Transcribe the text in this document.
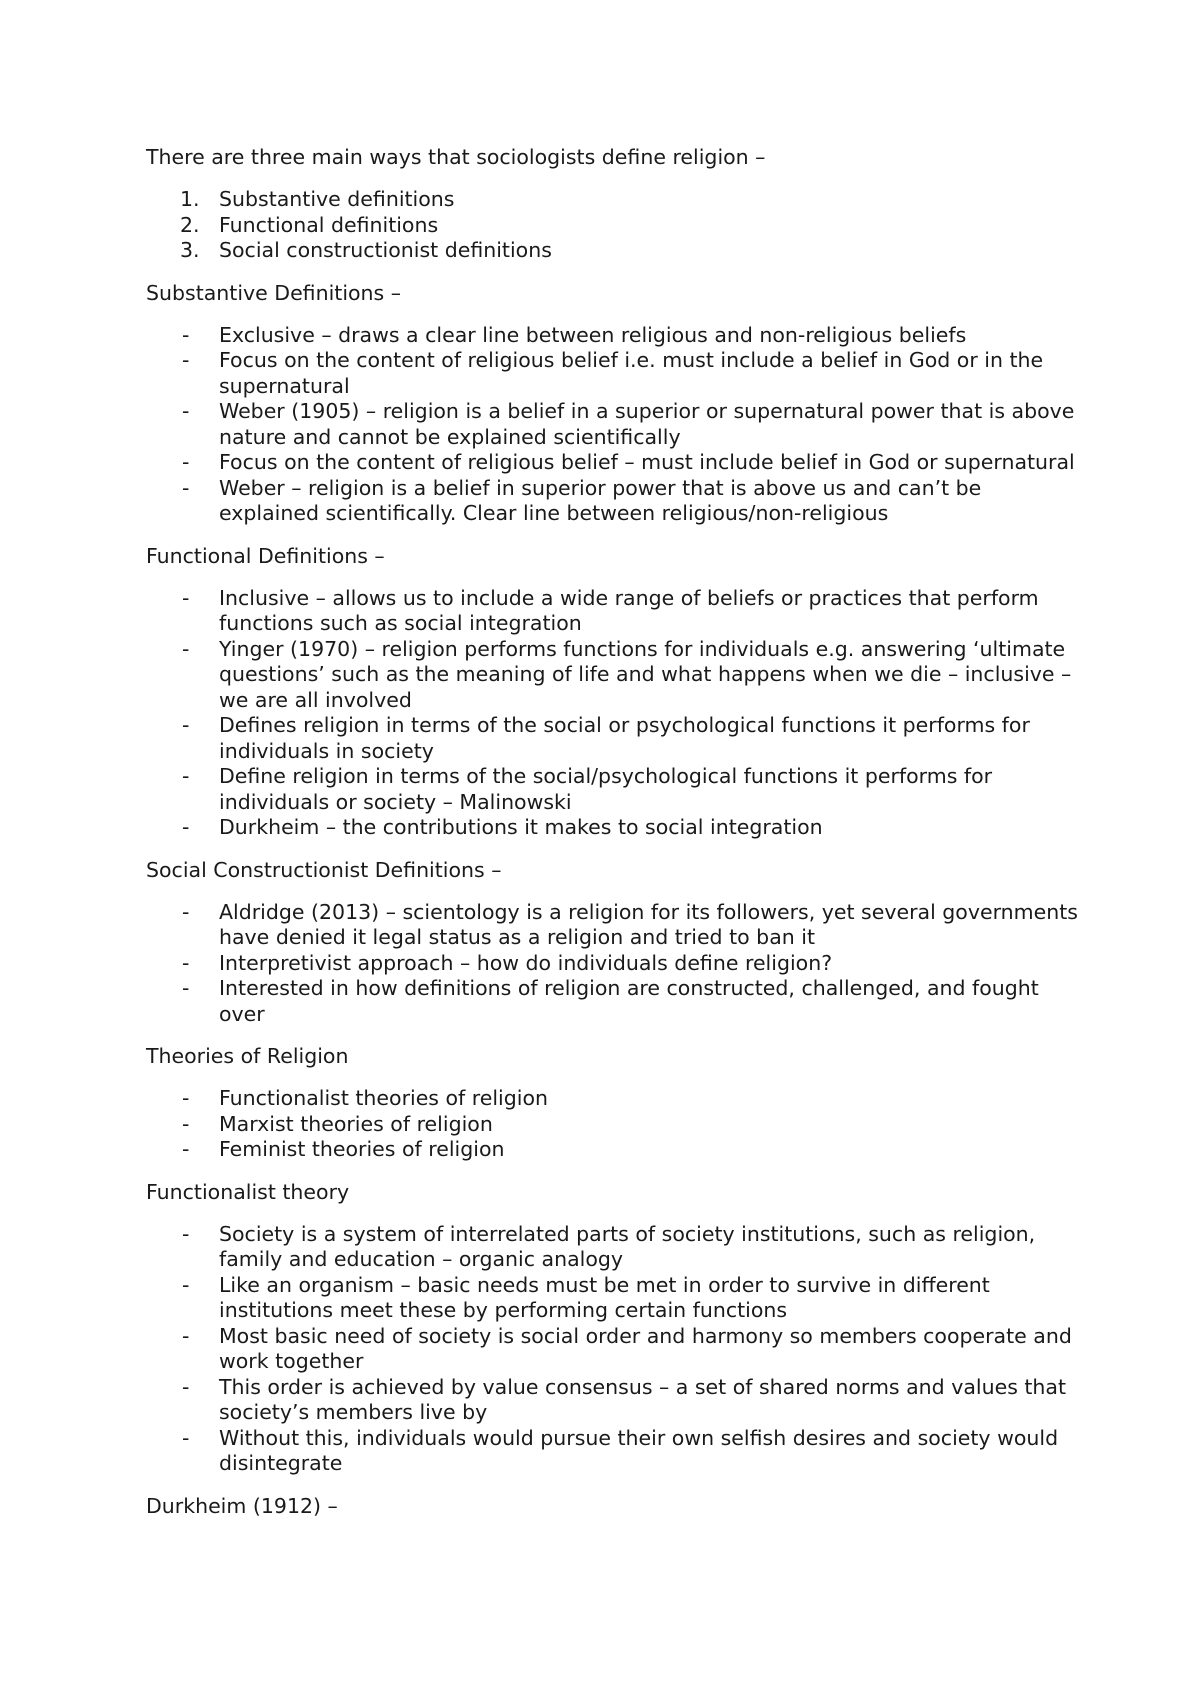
There are three main ways that sociologists define religion –

1. Substantive definitions
2. Functional definitions
3. Social constructionist definitions
Substantive Definitions –
- Exclusive – draws a clear line between religious and non-religious beliefs
- Focus on the content of religious belief i.e. must include a belief in God or in the supernatural
- Weber (1905) – religion is a belief in a superior or supernatural power that is above nature and cannot be explained scientifically
- Focus on the content of religious belief – must include belief in God or supernatural
- Weber – religion is a belief in superior power that is above us and can’t be explained scientifically. Clear line between religious/non-religious
Functional Definitions –
- Inclusive – allows us to include a wide range of beliefs or practices that perform functions such as social integration
- Yinger (1970) – religion performs functions for individuals e.g. answering ‘ultimate questions’ such as the meaning of life and what happens when we die – inclusive – we are all involved
- Defines religion in terms of the social or psychological functions it performs for individuals in society
- Define religion in terms of the social/psychological functions it performs for individuals or society – Malinowski
- Durkheim – the contributions it makes to social integration
Social Constructionist Definitions –
- Aldridge (2013) – scientology is a religion for its followers, yet several governments have denied it legal status as a religion and tried to ban it
- Interpretivist approach – how do individuals define religion?
- Interested in how definitions of religion are constructed, challenged, and fought over
Theories of Religion
- Functionalist theories of religion
- Marxist theories of religion
- Feminist theories of religion
Functionalist theory
- Society is a system of interrelated parts of society institutions, such as religion, family and education – organic analogy
- Like an organism – basic needs must be met in order to survive in different institutions meet these by performing certain functions
- Most basic need of society is social order and harmony so members cooperate and work together
- This order is achieved by value consensus – a set of shared norms and values that society’s members live by
- Without this, individuals would pursue their own selfish desires and society would disintegrate
Durkheim (1912) –
